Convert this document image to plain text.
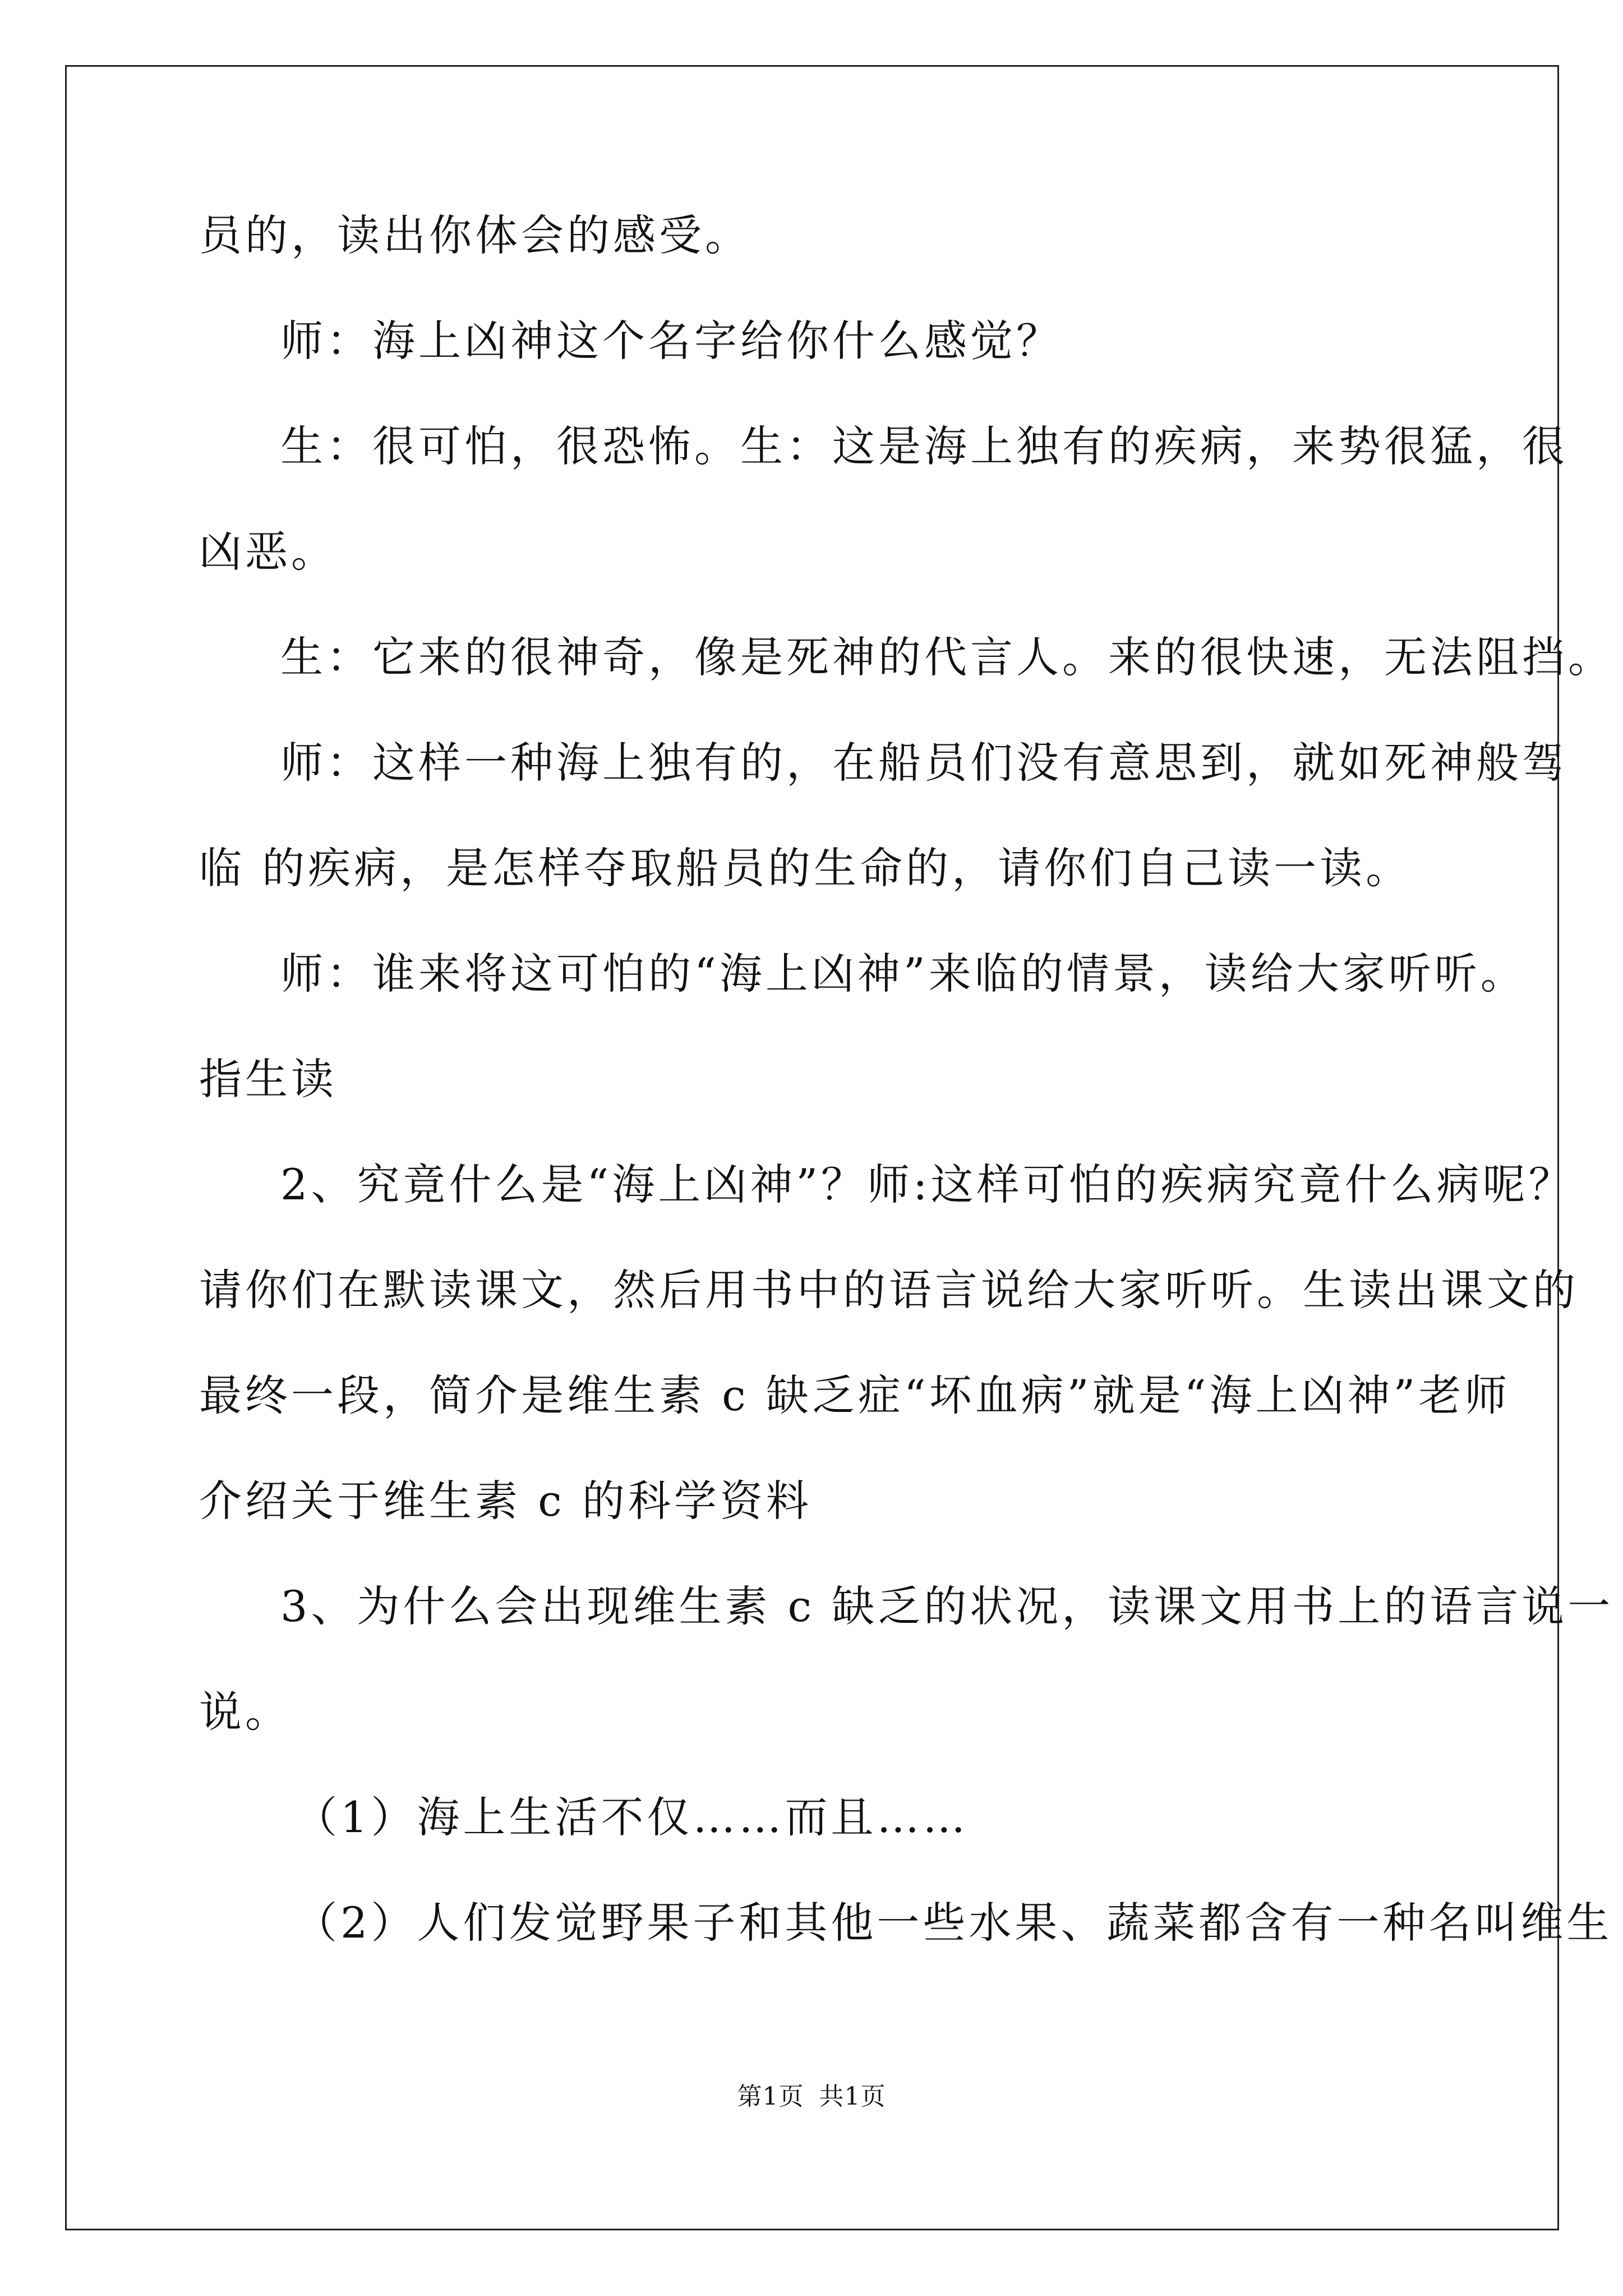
员的，读出你体会的感受。
师：海上凶神这个名字给你什么感觉？
生：很可怕，很恐怖。生：这是海上独有的疾病，来势很猛，很
凶恶。
生：它来的很神奇，像是死神的代言人。来的很快速，无法阻挡。
师：这样一种海上独有的，在船员们没有意思到，就如死神般驾
临 的疾病，是怎样夺取船员的生命的，请你们自己读一读。
师：谁来将这可怕的“海上凶神”来临的情景，读给大家听听。
指生读
2、究竟什么是“海上凶神”？师:这样可怕的疾病究竟什么病呢？
请你们在默读课文，然后用书中的语言说给大家听听。生读出课文的
最终一段，简介是维生素 c 缺乏症“坏血病”就是“海上凶神”老师
介绍关于维生素 c 的科学资料
3、为什么会出现维生素 c 缺乏的状况，读课文用书上的语言说一
说。
（1）海上生活不仅……而且……
（2）人们发觉野果子和其他一些水果、蔬菜都含有一种名叫维生
第1页 共1页
